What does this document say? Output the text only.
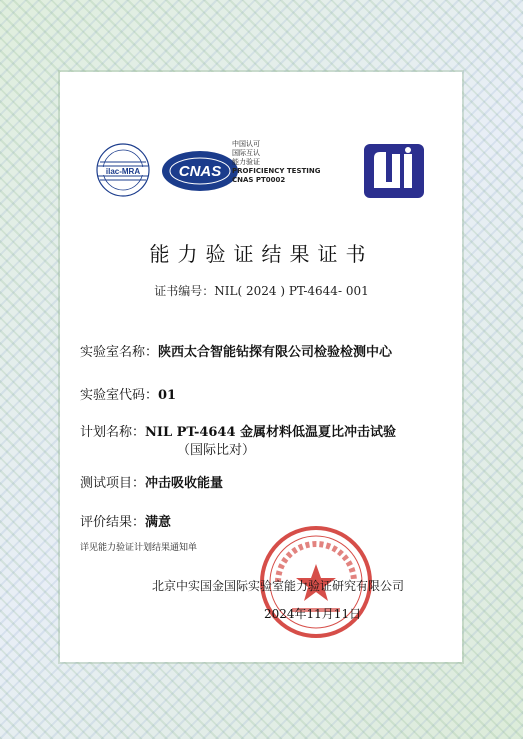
ilac-MRA	CNAS
中国认可
国际互认
能力验证
PROFICIENCY TESTING
CNAS PT0002
能力验证结果证书
证书编号：NIL( 2024 ) PT-4644- 001
实验室名称：陕西太合智能钻探有限公司检验检测中心
实验室代码：01
计划名称：NIL PT-4644 金属材料低温夏比冲击试验
（国际比对）
测试项目：冲击吸收能量
评价结果：满意
详见能力验证计划结果通知单
北京中实国金国际实验室能力验证研究有限公司
2024年11月11日
